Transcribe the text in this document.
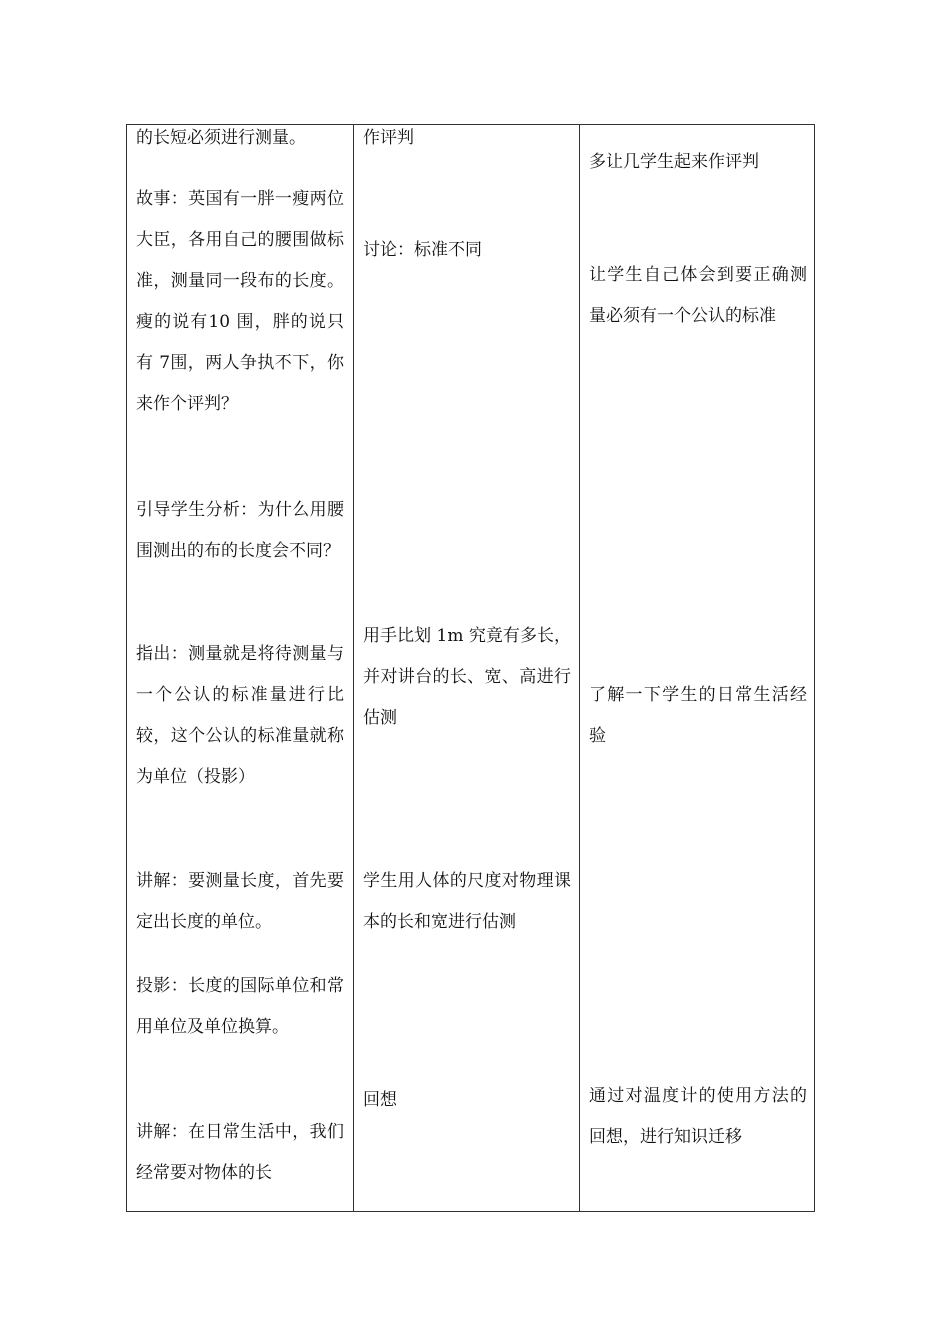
的长短必须进行测量。

故事：英国有一胖一瘦两位大臣，各用自己的腰围做标准，测量同一段布的长度。瘦的说有10 围，胖的说只有 7围，两人争执不下，你来作个评判？

引导学生分析：为什么用腰围测出的布的长度会不同？

指出：测量就是将待测量与一个公认的标准量进行比较，这个公认的标准量就称为单位（投影）

讲解：要测量长度，首先要定出长度的单位。

投影：长度的国际单位和常用单位及单位换算。

讲解：在日常生活中，我们经常要对物体的长

作评判

讨论：标准不同

用手比划 1m 究竟有多长，并对讲台的长、宽、高进行估测

学生用人体的尺度对物理课本的长和宽进行估测

回想

多让几学生起来作评判

让学生自己体会到要正确测量必须有一个公认的标准

了解一下学生的日常生活经验

通过对温度计的使用方法的回想，进行知识迁移
